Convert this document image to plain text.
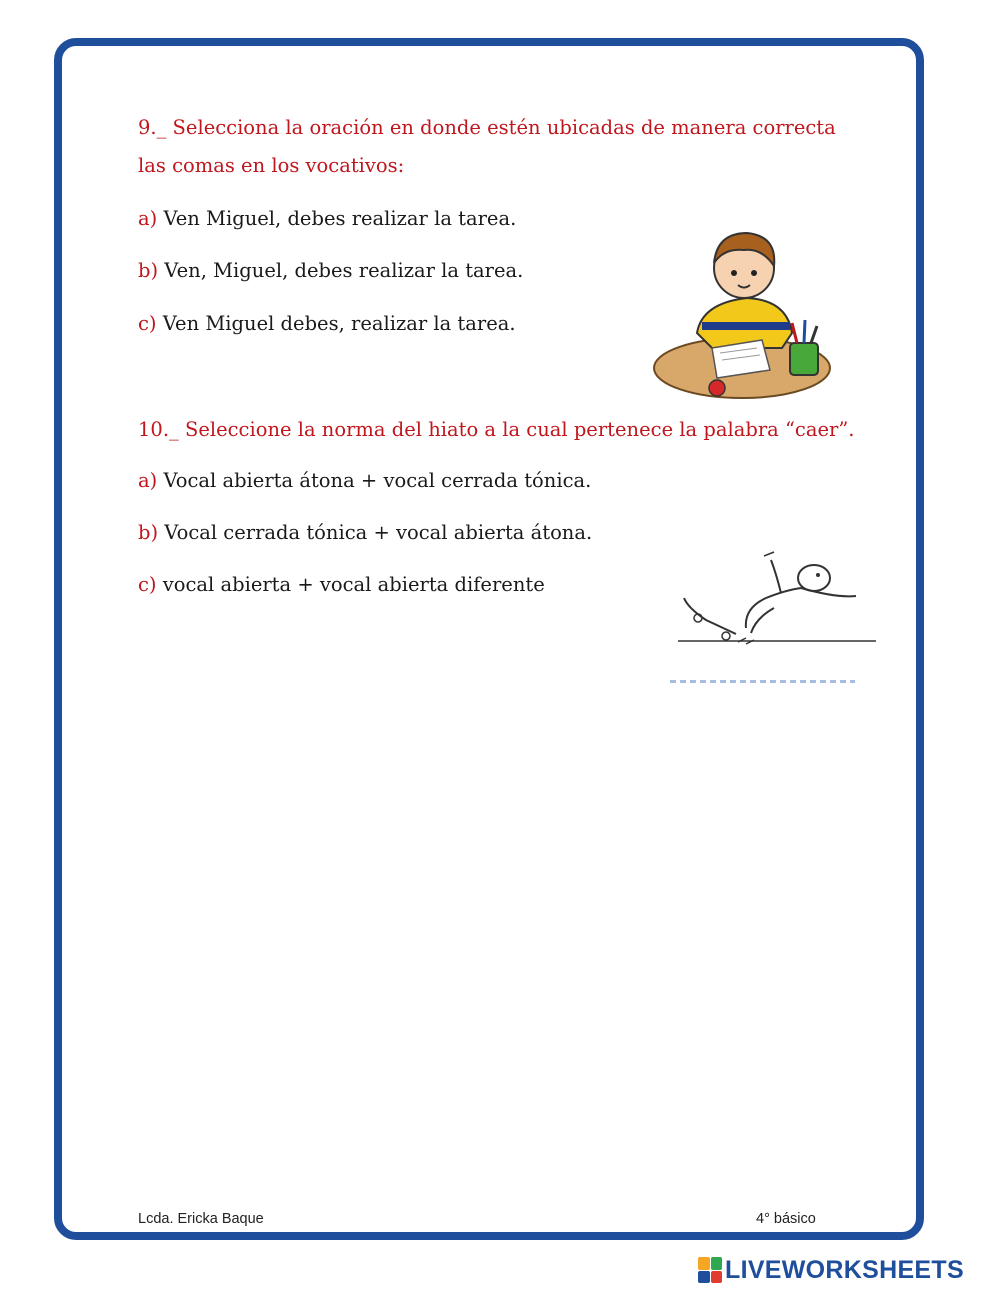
9._ Selecciona la oración en donde estén ubicadas de manera correcta las comas en los vocativos:

a) Ven Miguel, debes realizar la tarea.
b) Ven, Miguel, debes realizar la tarea.
c) Ven Miguel debes, realizar la tarea.

10._ Seleccione la norma del hiato a la cual pertenece la palabra “caer”.

a) Vocal abierta átona + vocal cerrada tónica.
b) Vocal cerrada tónica + vocal abierta átona.
c) vocal abierta + vocal abierta diferente
Lcda. Ericka Baque	4° básico
LIVEWORKSHEETS
